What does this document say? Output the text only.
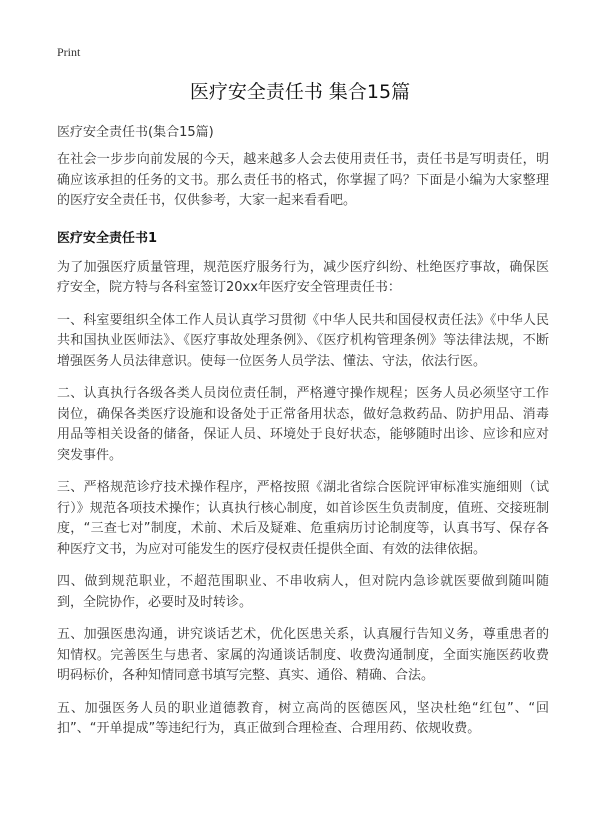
Print
医疗安全责任书 集合15篇

医疗安全责任书(集合15篇)

在社会一步步向前发展的今天，越来越多人会去使用责任书，责任书是写明责任，明确应该承担的任务的文书。那么责任书的格式，你掌握了吗？下面是小编为大家整理的医疗安全责任书，仅供参考，大家一起来看看吧。

医疗安全责任书1

为了加强医疗质量管理，规范医疗服务行为，减少医疗纠纷、杜绝医疗事故，确保医疗安全，院方特与各科室签订20xx年医疗安全管理责任书：

一、科室要组织全体工作人员认真学习贯彻《中华人民共和国侵权责任法》《中华人民共和国执业医师法》、《医疗事故处理条例》、《医疗机构管理条例》等法律法规，不断增强医务人员法律意识。使每一位医务人员学法、懂法、守法，依法行医。

二、认真执行各级各类人员岗位责任制，严格遵守操作规程；医务人员必须坚守工作岗位，确保各类医疗设施和设备处于正常备用状态，做好急救药品、防护用品、消毒用品等相关设备的储备，保证人员、环境处于良好状态，能够随时出诊、应诊和应对突发事件。

三、严格规范诊疗技术操作程序，严格按照《湖北省综合医院评审标准实施细则（试行）》规范各项技术操作；认真执行核心制度，如首诊医生负责制度，值班、交接班制度，“三查七对”制度，术前、术后及疑难、危重病历讨论制度等，认真书写、保存各种医疗文书，为应对可能发生的医疗侵权责任提供全面、有效的法律依据。

四、做到规范职业，不超范围职业、不串收病人，但对院内急诊就医要做到随叫随到，全院协作，必要时及时转诊。

五、加强医患沟通，讲究谈话艺术，优化医患关系，认真履行告知义务，尊重患者的知情权。完善医生与患者、家属的沟通谈话制度、收费沟通制度，全面实施医药收费明码标价，各种知情同意书填写完整、真实、通俗、精确、合法。

五、加强医务人员的职业道德教育，树立高尚的医德医风，坚决杜绝“红包”、“回扣”、“开单提成”等违纪行为，真正做到合理检查、合理用药、依规收费。
